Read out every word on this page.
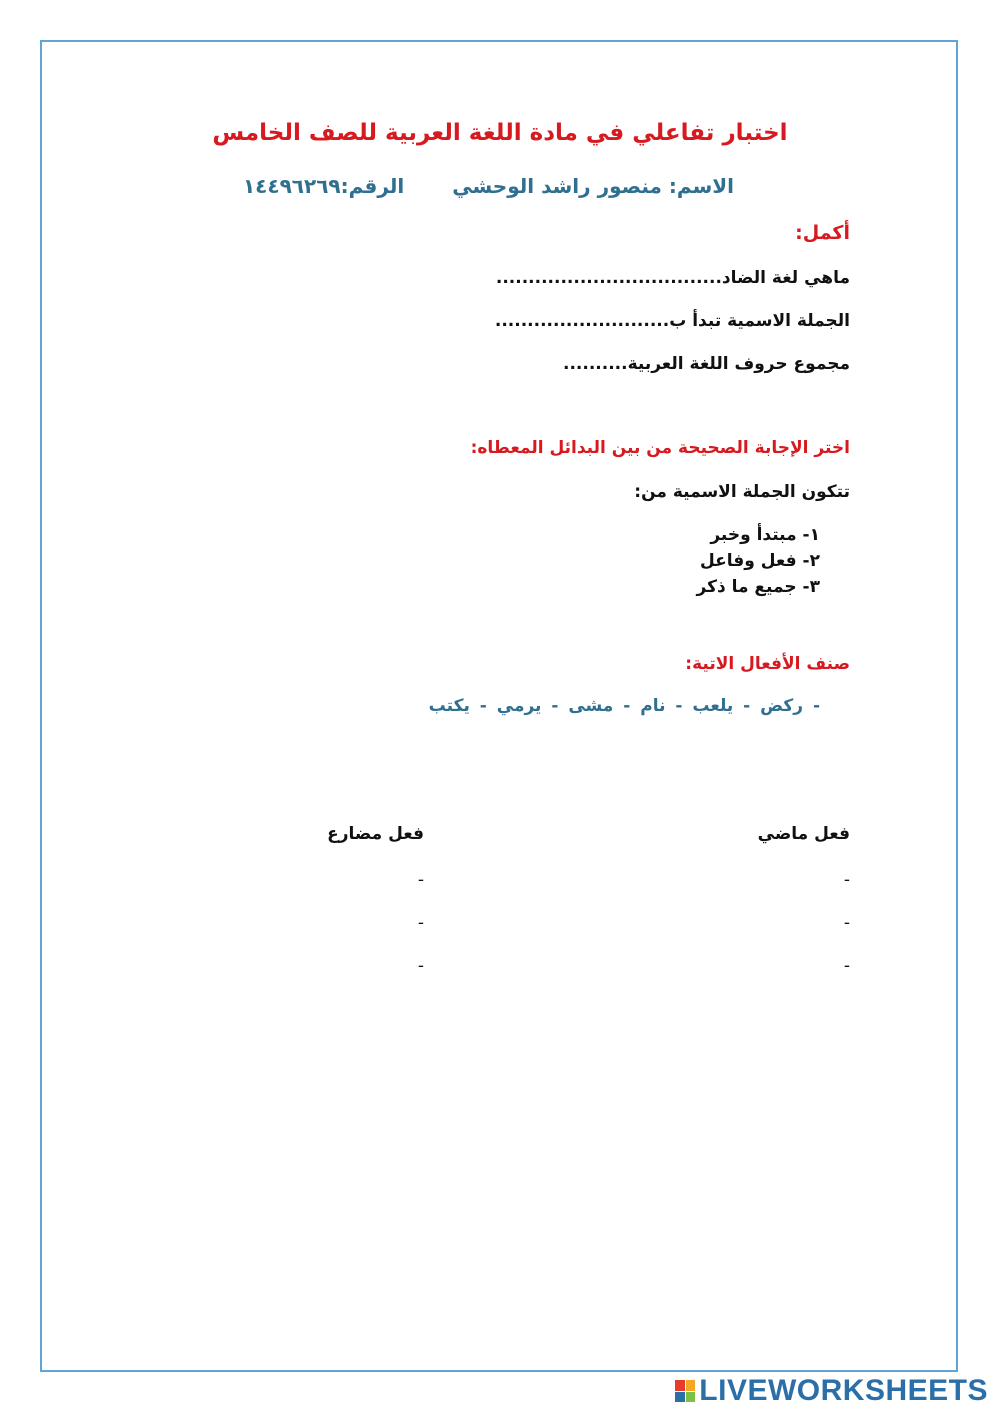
اختبار تفاعلي في مادة اللغة العربية للصف الخامس
الاسم: منصور راشد الوحشيالرقم:١٤٤٩٦٢٦٩
أكمل:
ماهي لغة الضاد...................................
الجملة الاسمية تبدأ ب...........................
مجموع حروف اللغة العربية..........
اختر الإجابة الصحيحة من بين البدائل المعطاه:
تتكون الجملة الاسمية من:
١- مبتدأ وخبر
٢- فعل وفاعل
٣- جميع ما ذكر
صنف الأفعال الاتية:
- ركض - يلعب - نام - مشى - يرمي - يكتب
فعل ماضي
فعل مضارع
-
-
-
-
-
-
LIVEWORKSHEETS
